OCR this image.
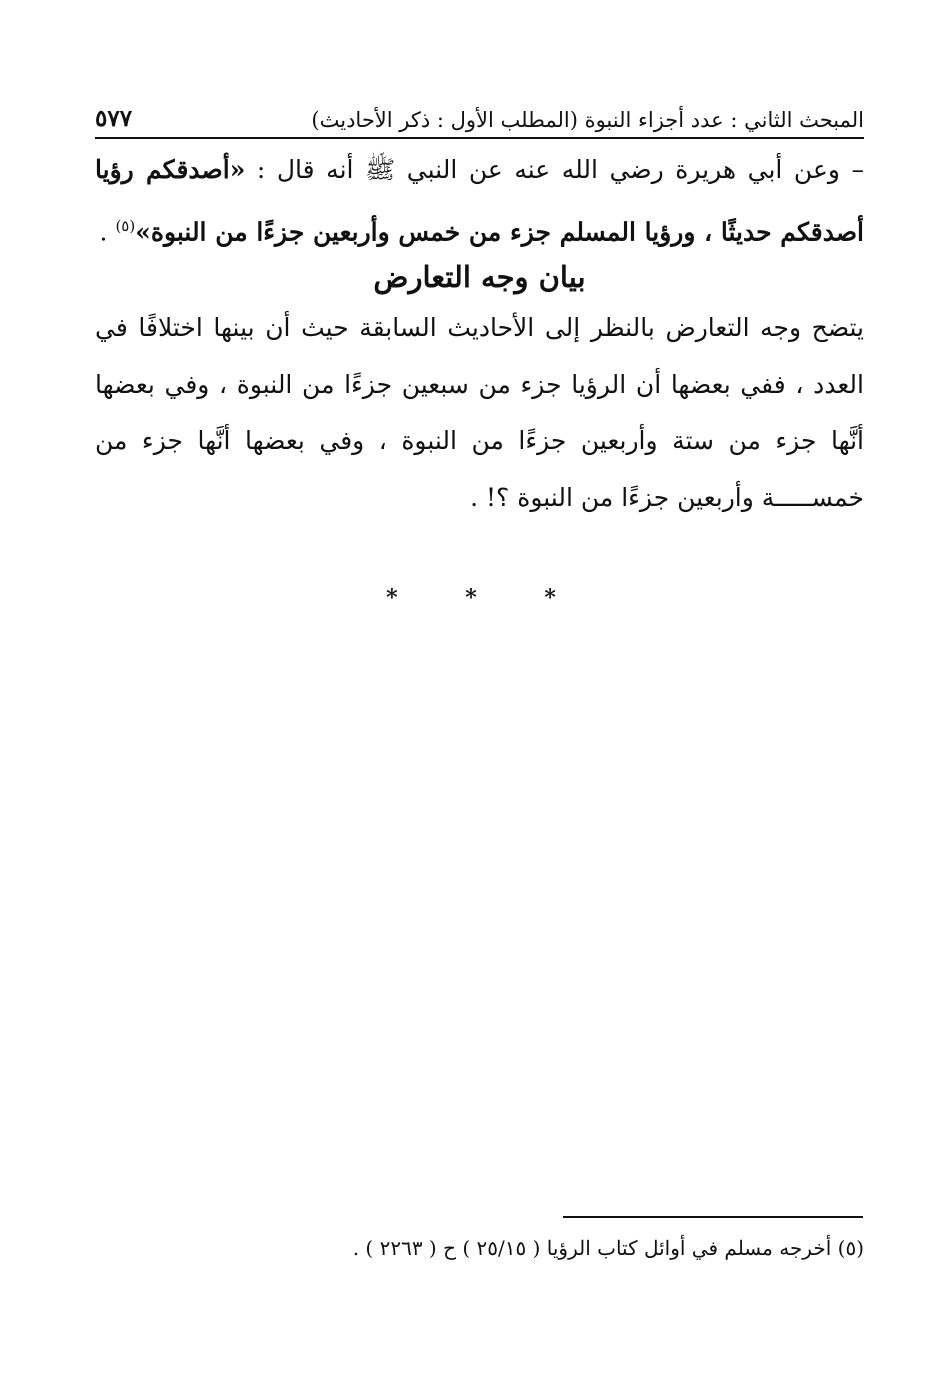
المبحث الثاني : عدد أجزاء النبوة (المطلب الأول : ذكر الأحاديث)
٥٧٧

– وعن أبي هريرة رضي الله عنه عن النبي ﷺ أنه قال : «أصدقكم رؤيا أصدقكم حديثًا ، ورؤيا المسلم جزء من خمس وأربعين جزءًا من النبوة»$^{(٥)}$ .

بيان وجه التعارض

يتضح وجه التعارض بالنظر إلى الأحاديث السابقة حيث أن بينها اختلافًا في العدد ، ففي بعضها أن الرؤيا جزء من سبعين جزءًا من النبوة ، وفي بعضها أنَّها جزء من ستة وأربعين جزءًا من النبوة ، وفي بعضها أنَّها جزء من خمســـــة وأربعين جزءًا من النبوة ؟! .

* * *
(٥) أخرجه مسلم في أوائل كتاب الرؤيا ( ٢٥/١٥ ) ح ( ٢٢٦٣ ) .
